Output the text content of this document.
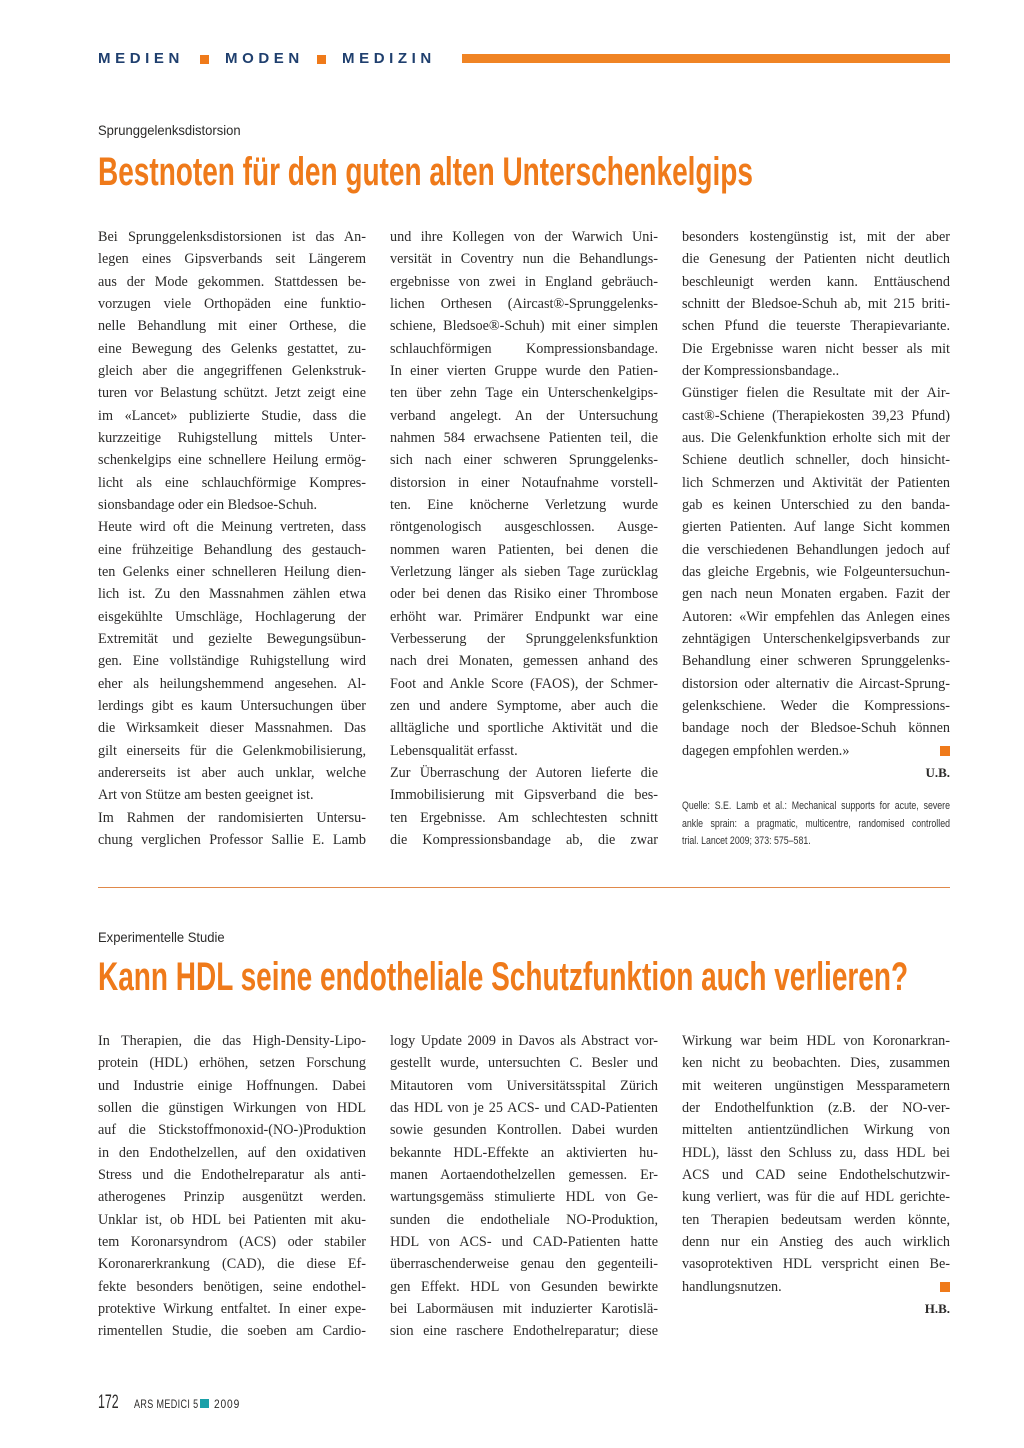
MEDIEN	MODEN	MEDIZIN
Sprunggelenksdistorsion
Bestnoten für den guten alten Unterschenkelgips
Bei Sprunggelenksdistorsionen ist das An-
legen eines Gipsverbands seit Längerem
aus der Mode gekommen. Stattdessen be-
vorzugen viele Orthopäden eine funktio-
nelle Behandlung mit einer Orthese, die
eine Bewegung des Gelenks gestattet, zu-
gleich aber die angegriffenen Gelenkstruk-
turen vor Belastung schützt. Jetzt zeigt eine
im «Lancet» publizierte Studie, dass die
kurzzeitige Ruhigstellung mittels Unter-
schenkelgips eine schnellere Heilung ermög-
licht als eine schlauchförmige Kompres-
sionsbandage oder ein Bledsoe-Schuh.
Heute wird oft die Meinung vertreten, dass
eine frühzeitige Behandlung des gestauch-
ten Gelenks einer schnelleren Heilung dien-
lich ist. Zu den Massnahmen zählen etwa
eisgekühlte Umschläge, Hochlagerung der
Extremität und gezielte Bewegungsübun-
gen. Eine vollständige Ruhigstellung wird
eher als heilungshemmend angesehen. Al-
lerdings gibt es kaum Untersuchungen über
die Wirksamkeit dieser Massnahmen. Das
gilt einerseits für die Gelenkmobilisierung,
andererseits ist aber auch unklar, welche
Art von Stütze am besten geeignet ist.
Im Rahmen der randomisierten Untersu-
chung verglichen Professor Sallie E. Lamb
und ihre Kollegen von der Warwich Uni-
versität in Coventry nun die Behandlungs-
ergebnisse von zwei in England gebräuch-
lichen Orthesen (Aircast®-Sprunggelenks-
schiene, Bledsoe®-Schuh) mit einer simplen
schlauchförmigen Kompressionsbandage.
In einer vierten Gruppe wurde den Patien-
ten über zehn Tage ein Unterschenkelgips-
verband angelegt. An der Untersuchung
nahmen 584 erwachsene Patienten teil, die
sich nach einer schweren Sprunggelenks-
distorsion in einer Notaufnahme vorstell-
ten. Eine knöcherne Verletzung wurde
röntgenologisch ausgeschlossen. Ausge-
nommen waren Patienten, bei denen die
Verletzung länger als sieben Tage zurücklag
oder bei denen das Risiko einer Thrombose
erhöht war. Primärer Endpunkt war eine
Verbesserung der Sprunggelenksfunktion
nach drei Monaten, gemessen anhand des
Foot and Ankle Score (FAOS), der Schmer-
zen und andere Symptome, aber auch die
alltägliche und sportliche Aktivität und die
Lebensqualität erfasst.
Zur Überraschung der Autoren lieferte die
Immobilisierung mit Gipsverband die bes-
ten Ergebnisse. Am schlechtesten schnitt
die Kompressionsbandage ab, die zwar
besonders kostengünstig ist, mit der aber
die Genesung der Patienten nicht deutlich
beschleunigt werden kann. Enttäuschend
schnitt der Bledsoe-Schuh ab, mit 215 briti-
schen Pfund die teuerste Therapievariante.
Die Ergebnisse waren nicht besser als mit
der Kompressionsbandage..
Günstiger fielen die Resultate mit der Air-
cast®-Schiene (Therapiekosten 39,23 Pfund)
aus. Die Gelenkfunktion erholte sich mit der
Schiene deutlich schneller, doch hinsicht-
lich Schmerzen und Aktivität der Patienten
gab es keinen Unterschied zu den banda-
gierten Patienten. Auf lange Sicht kommen
die verschiedenen Behandlungen jedoch auf
das gleiche Ergebnis, wie Folgeuntersuchun-
gen nach neun Monaten ergaben. Fazit der
Autoren: «Wir empfehlen das Anlegen eines
zehntägigen Unterschenkelgipsverbands zur
Behandlung einer schweren Sprunggelenks-
distorsion oder alternativ die Aircast-Sprung-
gelenkschiene. Weder die Kompressions-
bandage noch der Bledsoe-Schuh können
dagegen empfohlen werden.»
U.B.
Quelle: S.E. Lamb et al.: Mechanical supports for acute, severe
ankle sprain: a pragmatic, multicentre, randomised controlled
trial. Lancet 2009; 373: 575–581.
Experimentelle Studie
Kann HDL seine endotheliale Schutzfunktion auch verlieren?
In Therapien, die das High-Density-Lipo-
protein (HDL) erhöhen, setzen Forschung
und Industrie einige Hoffnungen. Dabei
sollen die günstigen Wirkungen von HDL
auf die Stickstoffmonoxid-(NO-)Produktion
in den Endothelzellen, auf den oxidativen
Stress und die Endothelreparatur als anti-
atherogenes Prinzip ausgenützt werden.
Unklar ist, ob HDL bei Patienten mit aku-
tem Koronarsyndrom (ACS) oder stabiler
Koronarerkrankung (CAD), die diese Ef-
fekte besonders benötigen, seine endothel-
protektive Wirkung entfaltet. In einer expe-
rimentellen Studie, die soeben am Cardio-
logy Update 2009 in Davos als Abstract vor-
gestellt wurde, untersuchten C. Besler und
Mitautoren vom Universitätsspital Zürich
das HDL von je 25 ACS- und CAD-Patienten
sowie gesunden Kontrollen. Dabei wurden
bekannte HDL-Effekte an aktivierten hu-
manen Aortaendothelzellen gemessen. Er-
wartungsgemäss stimulierte HDL von Ge-
sunden die endotheliale NO-Produktion,
HDL von ACS- und CAD-Patienten hatte
überraschenderweise genau den gegenteili-
gen Effekt. HDL von Gesunden bewirkte
bei Labormäusen mit induzierter Karotislä-
sion eine raschere Endothelreparatur; diese
Wirkung war beim HDL von Koronarkran-
ken nicht zu beobachten. Dies, zusammen
mit weiteren ungünstigen Messparametern
der Endothelfunktion (z.B. der NO-ver-
mittelten antientzündlichen Wirkung von
HDL), lässt den Schluss zu, dass HDL bei
ACS und CAD seine Endothelschutzwir-
kung verliert, was für die auf HDL gerichte-
ten Therapien bedeutsam werden könnte,
denn nur ein Anstieg des auch wirklich
vasoprotektiven HDL verspricht einen Be-
handlungsnutzen.
H.B.
172 ARS MEDICI 5 2009
